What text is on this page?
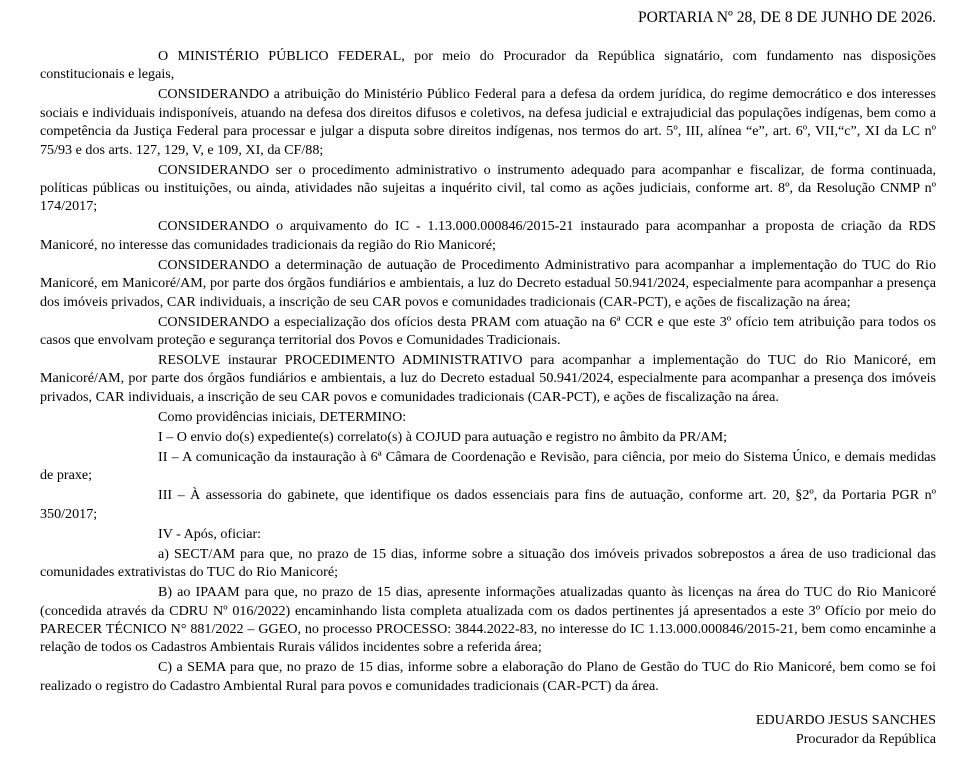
PORTARIA Nº 28, DE 8 DE JUNHO DE 2026.

O MINISTÉRIO PÚBLICO FEDERAL, por meio do Procurador da República signatário, com fundamento nas disposições constitucionais e legais,

CONSIDERANDO a atribuição do Ministério Público Federal para a defesa da ordem jurídica, do regime democrático e dos interesses sociais e individuais indisponíveis, atuando na defesa dos direitos difusos e coletivos, na defesa judicial e extrajudicial das populações indígenas, bem como a competência da Justiça Federal para processar e julgar a disputa sobre direitos indígenas, nos termos do art. 5º, III, alínea “e”, art. 6º, VII,“c”, XI da LC nº 75/93 e dos arts. 127, 129, V, e 109, XI, da CF/88;

CONSIDERANDO ser o procedimento administrativo o instrumento adequado para acompanhar e fiscalizar, de forma continuada, políticas públicas ou instituições, ou ainda, atividades não sujeitas a inquérito civil, tal como as ações judiciais, conforme art. 8º, da Resolução CNMP nº 174/2017;

CONSIDERANDO o arquivamento do IC - 1.13.000.000846/2015-21 instaurado para acompanhar a proposta de criação da RDS Manicoré, no interesse das comunidades tradicionais da região do Rio Manicoré;

CONSIDERANDO a determinação de autuação de Procedimento Administrativo para acompanhar a implementação do TUC do Rio Manicoré, em Manicoré/AM, por parte dos órgãos fundiários e ambientais, a luz do Decreto estadual 50.941/2024, especialmente para acompanhar a presença dos imóveis privados, CAR individuais, a inscrição de seu CAR povos e comunidades tradicionais (CAR-PCT), e ações de fiscalização na área;

CONSIDERANDO a especialização dos ofícios desta PRAM com atuação na 6ª CCR e que este 3º ofício tem atribuição para todos os casos que envolvam proteção e segurança territorial dos Povos e Comunidades Tradicionais.

RESOLVE instaurar PROCEDIMENTO ADMINISTRATIVO para acompanhar a implementação do TUC do Rio Manicoré, em Manicoré/AM, por parte dos órgãos fundiários e ambientais, a luz do Decreto estadual 50.941/2024, especialmente para acompanhar a presença dos imóveis privados, CAR individuais, a inscrição de seu CAR povos e comunidades tradicionais (CAR-PCT), e ações de fiscalização na área.

Como providências iniciais, DETERMINO:

I – O envio do(s) expediente(s) correlato(s) à COJUD para autuação e registro no âmbito da PR/AM;

II – A comunicação da instauração à 6ª Câmara de Coordenação e Revisão, para ciência, por meio do Sistema Único, e demais medidas de praxe;

III – À assessoria do gabinete, que identifique os dados essenciais para fins de autuação, conforme art. 20, §2º, da Portaria PGR nº 350/2017;

IV - Após, oficiar:

a) SECT/AM para que, no prazo de 15 dias, informe sobre a situação dos imóveis privados sobrepostos a área de uso tradicional das comunidades extrativistas do TUC do Rio Manicoré;

B) ao IPAAM para que, no prazo de 15 dias, apresente informações atualizadas quanto às licenças na área do TUC do Rio Manicoré (concedida através da CDRU Nº 016/2022) encaminhando lista completa atualizada com os dados pertinentes já apresentados a este 3º Ofício por meio do PARECER TÉCNICO N° 881/2022 – GGEO, no processo PROCESSO: 3844.2022-83, no interesse do IC 1.13.000.000846/2015-21, bem como encaminhe a relação de todos os Cadastros Ambientais Rurais válidos incidentes sobre a referida área;

C) a SEMA para que, no prazo de 15 dias, informe sobre a elaboração do Plano de Gestão do TUC do Rio Manicoré, bem como se foi realizado o registro do Cadastro Ambiental Rural para povos e comunidades tradicionais (CAR-PCT) da área.

EDUARDO JESUS SANCHES
Procurador da República
